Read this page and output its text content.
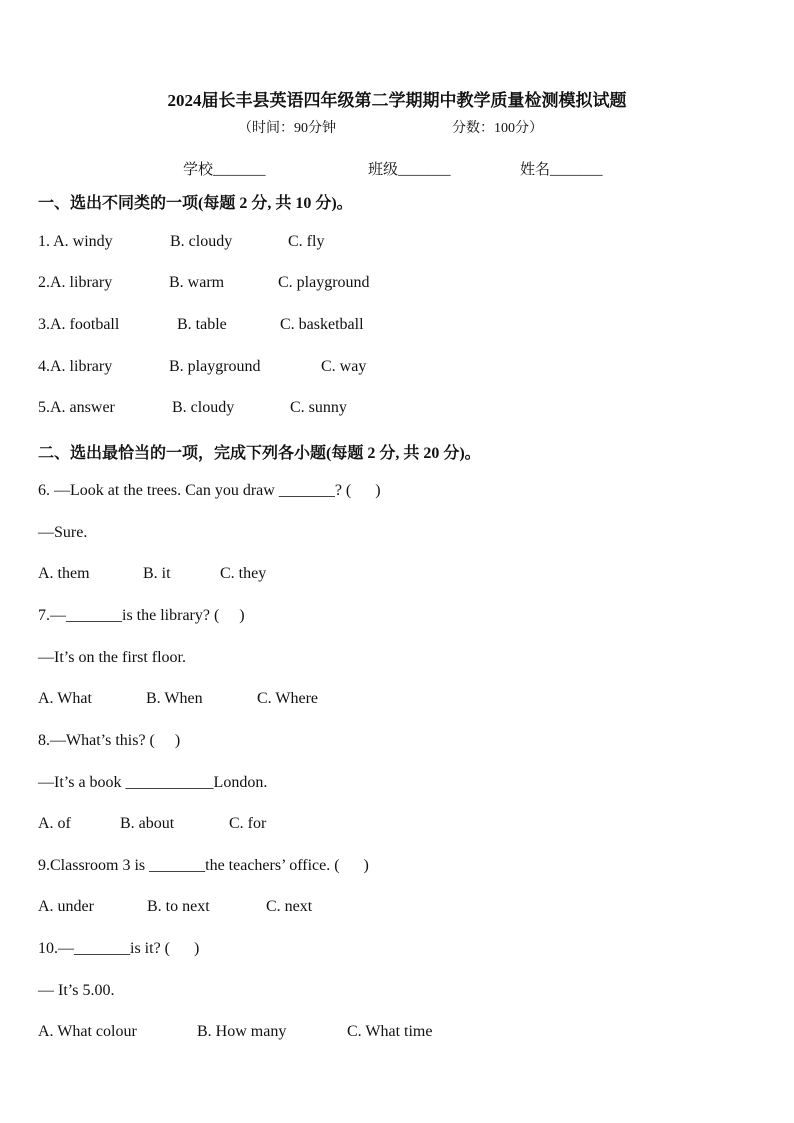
2024届长丰县英语四年级第二学期期中教学质量检测模拟试题
（时间：90分钟	分数：100分）
学校_______	班级_______	姓名_______
一、选出不同类的一项(每题 2 分, 共 10 分)。
1. A. windy	B. cloudy	C. fly
2.A. library	B. warm	C. playground
3.A. football	B. table	C. basketball
4.A. library	B. playground	C. way
5.A. answer	B. cloudy	C. sunny
二、选出最恰当的一项，完成下列各小题(每题 2 分, 共 20 分)。
6. —Look at the trees. Can you draw _______? (      )
—Sure.
A. them	B. it	C. they
7.—_______is the library? (     )
—It’s on the first floor.
A. What	B. When	C. Where
8.—What’s this? (     )
—It’s a book ___________London.
A. of	B. about	C. for
9.Classroom 3 is _______the teachers’ office. (      )
A. under	B. to next	C. next
10.—_______is it? (      )
— It’s 5.00.
A. What colour	B. How many	C. What time
